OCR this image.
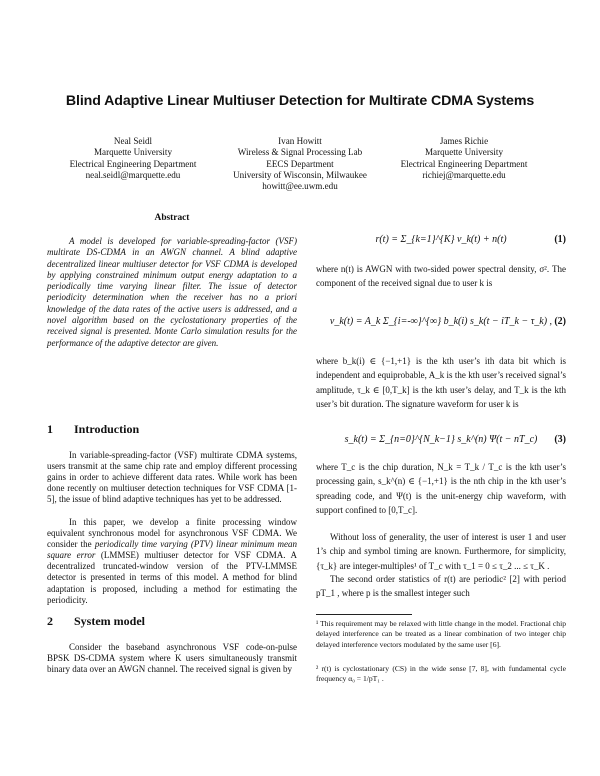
Blind Adaptive Linear Multiuser Detection for Multirate CDMA Systems
Neal Seidl
Marquette University
Electrical Engineering Department
neal.seidl@marquette.edu
Ivan Howitt
Wireless & Signal Processing Lab
EECS Department
University of Wisconsin, Milwaukee
howitt@ee.uwm.edu
James Richie
Marquette University
Electrical Engineering Department
richiej@marquette.edu
Abstract

A model is developed for variable-spreading-factor (VSF) multirate DS-CDMA in an AWGN channel. A blind adaptive decentralized linear multiuser detector for VSF CDMA is developed by applying constrained minimum output energy adaptation to a periodically time varying linear filter. The issue of detector periodicity determination when the receiver has no a priori knowledge of the data rates of the active users is addressed, and a novel algorithm based on the cyclostationary properties of the received signal is presented. Monte Carlo simulation results for the performance of the adaptive detector are given.

1 Introduction

In variable-spreading-factor (VSF) multirate CDMA systems, users transmit at the same chip rate and employ different processing gains in order to achieve different data rates. While work has been done recently on multiuser detection techniques for VSF CDMA [1-5], the issue of blind adaptive techniques has yet to be addressed.

In this paper, we develop a finite processing window equivalent synchronous model for asynchronous VSF CDMA. We consider the periodically time varying (PTV) linear minimum mean square error (LMMSE) multiuser detector for VSF CDMA. A decentralized truncated-window version of the PTV-LMMSE detector is presented in terms of this model. A method for blind adaptation is proposed, including a method for estimating the periodicity.

2 System model

Consider the baseband asynchronous VSF code-on-pulse BPSK DS-CDMA system where K users simultaneously transmit binary data over an AWGN channel. The received signal is given by

r(t) = Σ_{k=1}^{K} v_k(t) + n(t)	(1)

where n(t) is AWGN with two-sided power spectral density, σ². The component of the received signal due to user k is

v_k(t) = A_k Σ_{i=-∞}^{∞} b_k(i) s_k(t − iT_k − τ_k) , (2)

where b_k(i) ∈ {−1,+1} is the kth user’s ith data bit which is independent and equiprobable, A_k is the kth user’s received signal’s amplitude, τ_k ∈ [0,T_k] is the kth user’s delay, and T_k is the kth user’s bit duration. The signature waveform for user k is

s_k(t) = Σ_{n=0}^{N_k−1} s_k^(n) Ψ(t − nT_c)	(3)

where T_c is the chip duration, N_k = T_k / T_c is the kth user’s processing gain, s_k^(n) ∈ {−1,+1} is the nth chip in the kth user’s spreading code, and Ψ(t) is the unit-energy chip waveform, with support confined to [0,T_c].

Without loss of generality, the user of interest is user 1 and user 1’s chip and symbol timing are known. Furthermore, for simplicity, {τ_k} are integer-multiples¹ of T_c with τ_1 = 0 ≤ τ_2 ... ≤ τ_K .

The second order statistics of r(t) are periodic² [2] with period pT_1 , where p is the smallest integer such

¹ This requirement may be relaxed with little change in the model. Fractional chip delayed interference can be treated as a linear combination of two integer chip delayed interference vectors modulated by the same user [6].

² r(t) is cyclostationary (CS) in the wide sense [7, 8], with fundamental cycle frequency α₀ = 1/pT₁ .
